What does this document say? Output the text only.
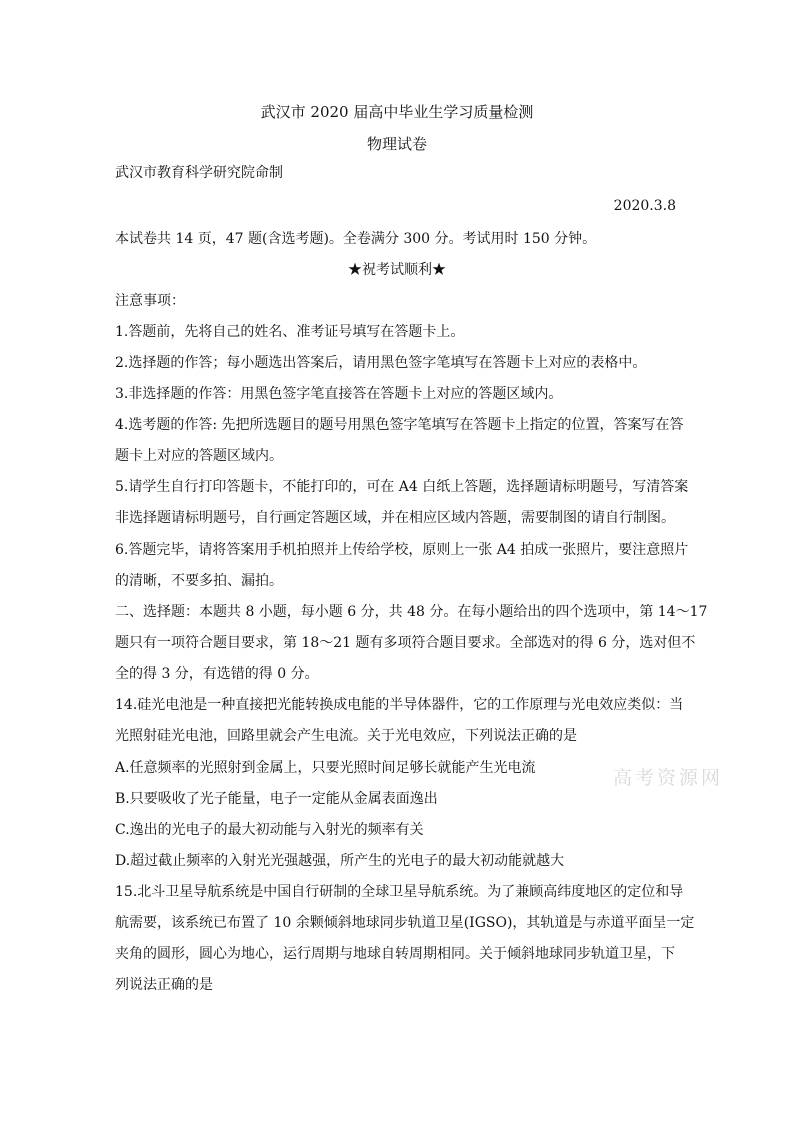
武汉市 2020 届高中毕业生学习质量检测
物理试卷
武汉市教育科学研究院命制
2020.3.8
本试卷共 14 页，47 题(含选考题)。全卷满分 300 分。考试用时 150 分钟。
★祝考试顺利★
注意事项：
1.答题前，先将自己的姓名、准考证号填写在答题卡上。
2.选择题的作答；每小题选出答案后，请用黑色签字笔填写在答题卡上对应的表格中。
3.非选择题的作答：用黑色签字笔直接答在答题卡上对应的答题区域内。
4.选考题的作答: 先把所选题目的题号用黑色签字笔填写在答题卡上指定的位置，答案写在答
题卡上对应的答题区域内。
5.请学生自行打印答题卡，不能打印的，可在 A4 白纸上答题，选择题请标明题号，写清答案
非选择题请标明题号，自行画定答题区域，并在相应区域内答题，需要制图的请自行制图。
6.答题完毕，请将答案用手机拍照并上传给学校，原则上一张 A4 拍成一张照片，要注意照片
的清晰，不要多拍、漏拍。
二、选择题：本题共 8 小题，每小题 6 分，共 48 分。在每小题给出的四个选项中，第 14～17
题只有一项符合题目要求，第 18～21 题有多项符合题目要求。全部选对的得 6 分，选对但不
全的得 3 分，有选错的得 0 分。
14.硅光电池是一种直接把光能转换成电能的半导体器件，它的工作原理与光电效应类似：当
光照射硅光电池，回路里就会产生电流。关于光电效应，下列说法正确的是
A.任意频率的光照射到金属上，只要光照时间足够长就能产生光电流
B.只要吸收了光子能量，电子一定能从金属表面逸出
C.逸出的光电子的最大初动能与入射光的频率有关
D.超过截止频率的入射光光强越强，所产生的光电子的最大初动能就越大
15.北斗卫星导航系统是中国自行研制的全球卫星导航系统。为了兼顾高纬度地区的定位和导
航需要，该系统已布置了 10 余颗倾斜地球同步轨道卫星(IGSO)，其轨道是与赤道平面呈一定
夹角的圆形，圆心为地心，运行周期与地球自转周期相同。关于倾斜地球同步轨道卫星，下
列说法正确的是
高考资源网
